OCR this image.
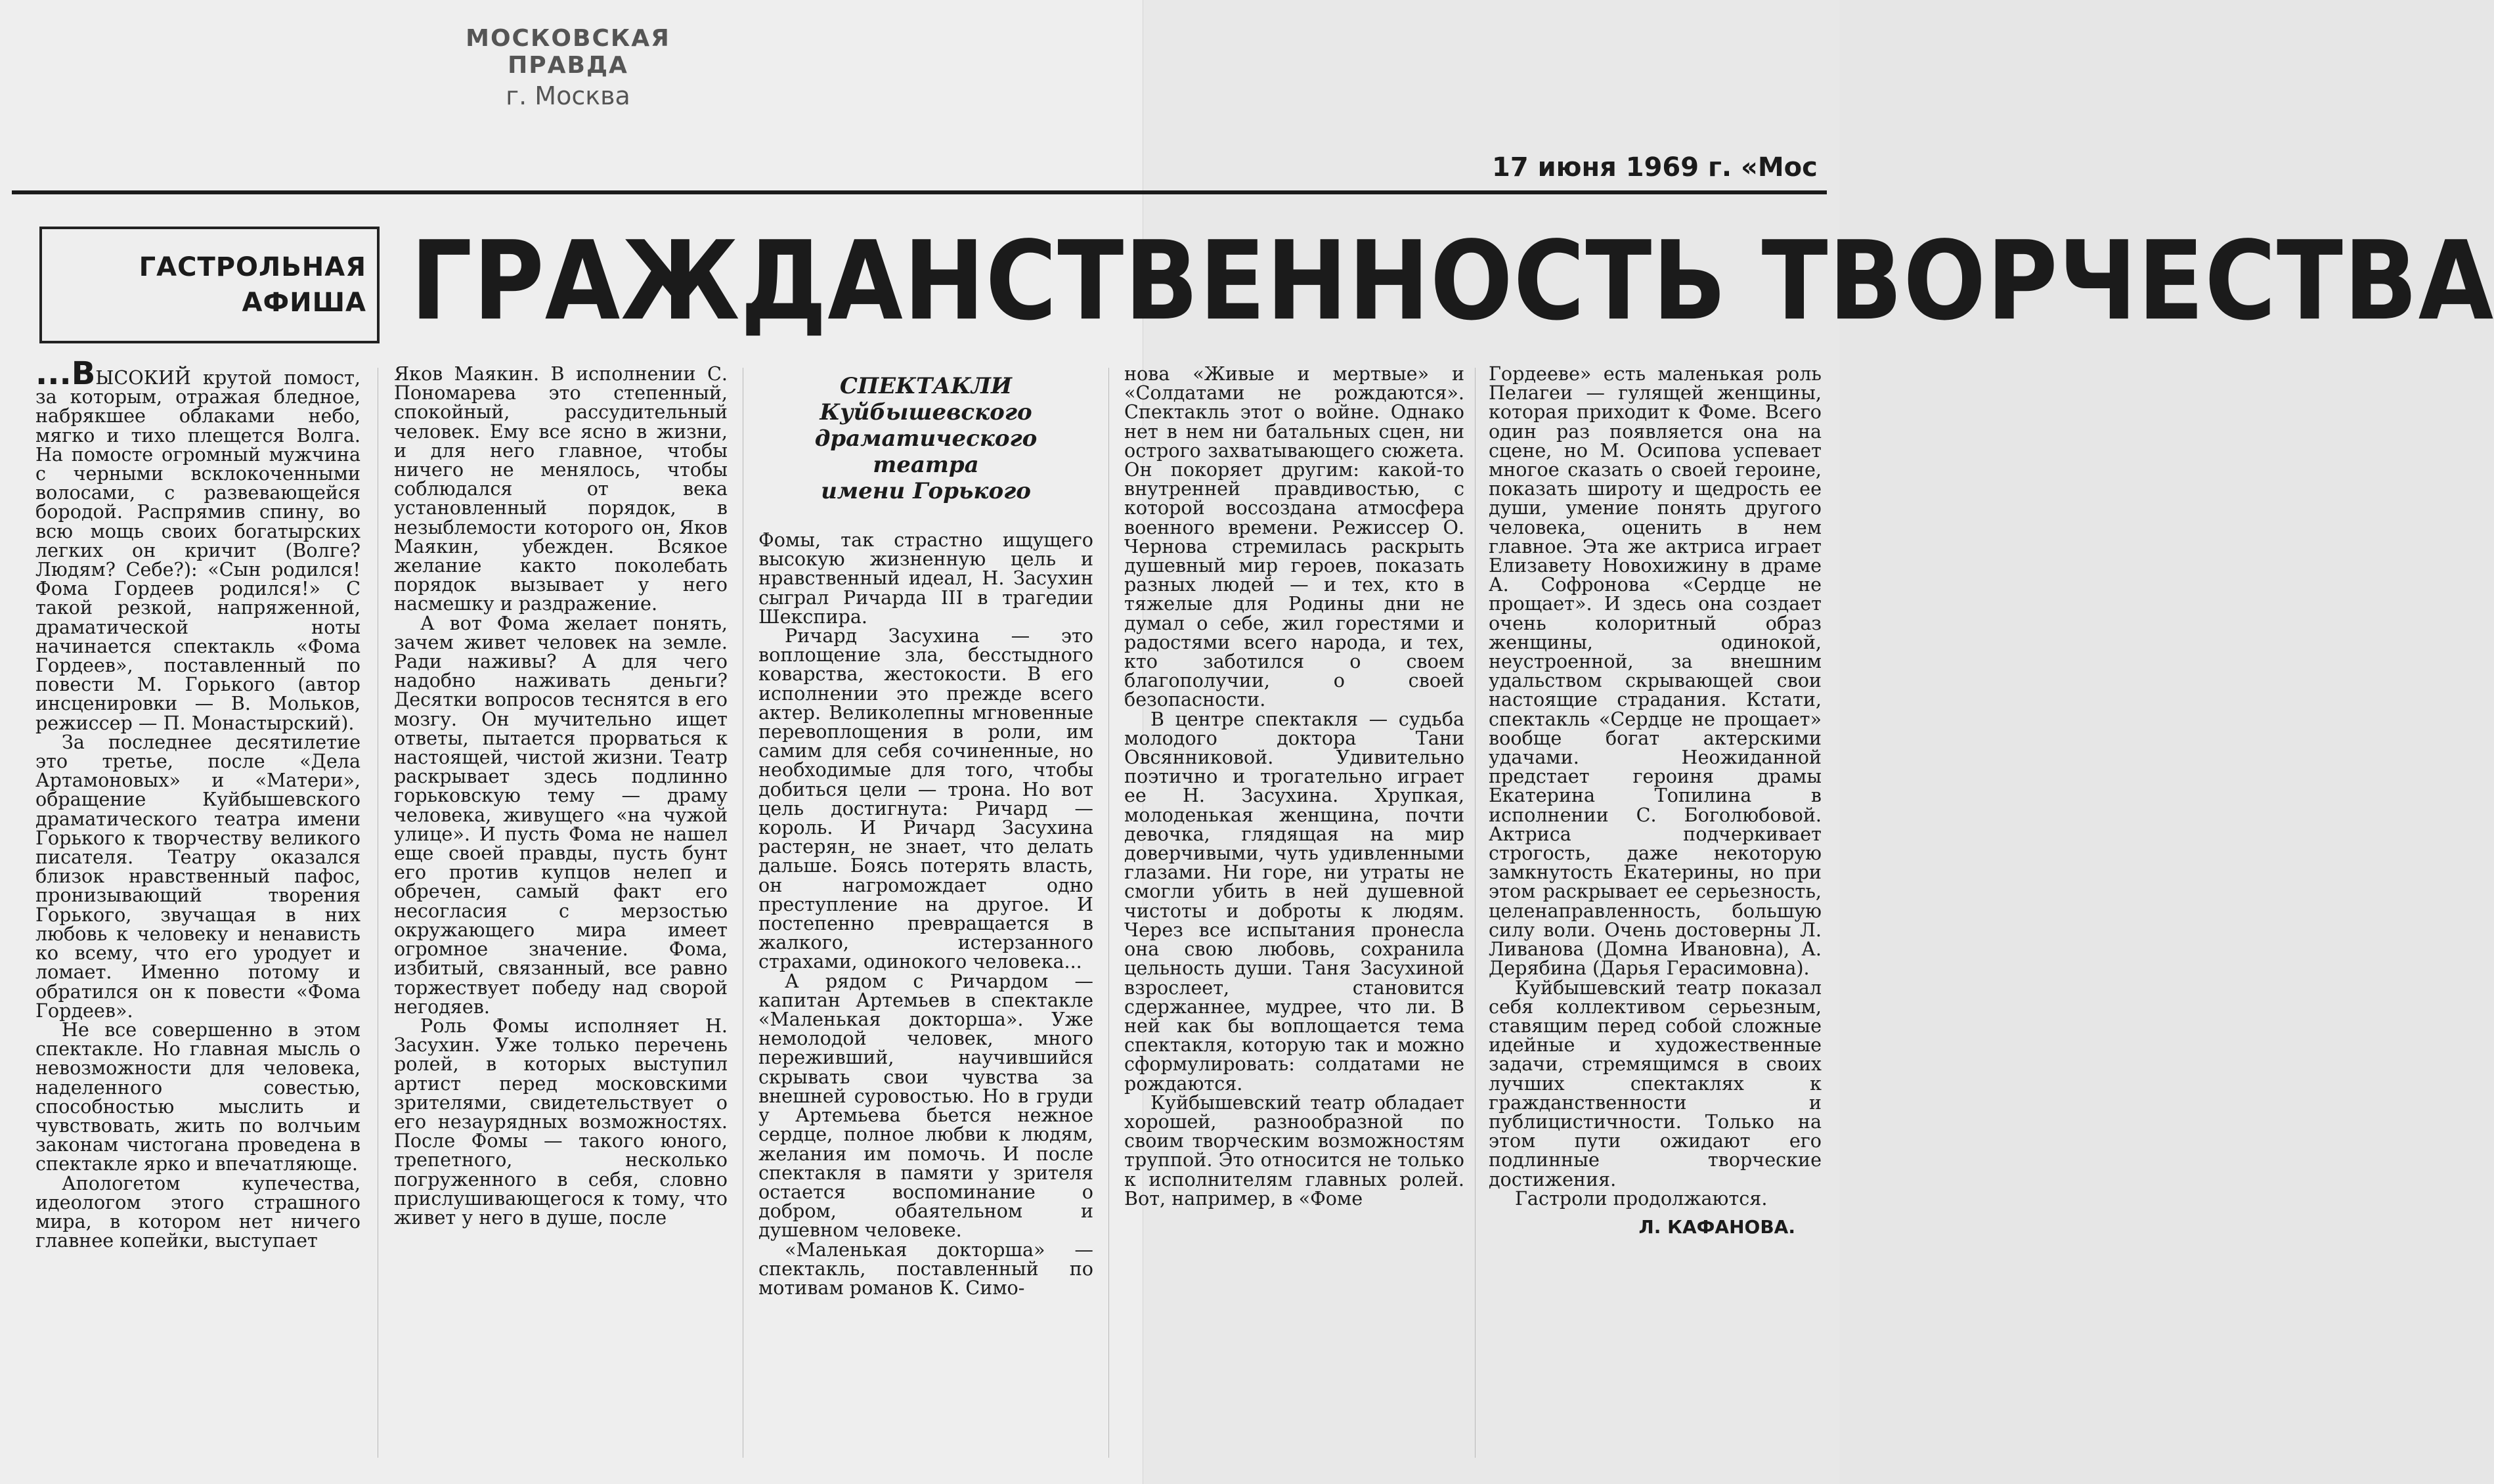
МОСКОВСКАЯ ПРАВДА
г. Москва
17 июня 1969 г. «Мос
ГАСТРОЛЬНАЯ
АФИША ГРАЖДАНСТВЕННОСТЬ ТВОРЧЕСТВА

...ВЫСОКИЙ крутой помост, за которым, отражая бледное, набрякшее облаками небо, мягко и тихо плещется Волга. На помосте огромный мужчина с черными всклокоченными волосами, с развевающейся бородой. Распрямив спину, во всю мощь своих богатырских легких он кричит (Волге? Людям? Себе?): «Сын родился! Фома Гордеев родился!» С такой резкой, напряженной, драматической ноты начинается спектакль «Фома Гордеев», поставленный по повести М. Горького (автор инсценировки — В. Мольков, режиссер — П. Монастырский).

За последнее десятилетие это третье, после «Дела Артамоновых» и «Матери», обращение Куйбышевского драматического театра имени Горького к творчеству великого писателя. Театру оказался близок нравственный пафос, пронизывающий творения Горького, звучащая в них любовь к человеку и ненависть ко всему, что его уродует и ломает. Именно потому и обратился он к повести «Фома Гордеев».

Не все совершенно в этом спектакле. Но главная мысль о невозможности для человека, наделенного совестью, способностью мыслить и чувствовать, жить по волчьим законам чистогана проведена в спектакле ярко и впечатляюще.

Апологетом купечества, идеологом этого страшного мира, в котором нет ничего главнее копейки, выступает

Яков Маякин. В исполнении С. Пономарева это степенный, спокойный, рассудительный человек. Ему все ясно в жизни, и для него главное, чтобы ничего не менялось, чтобы соблюдался от века установленный порядок, в незыблемости которого он, Яков Маякин, убежден. Всякое желание както поколебать порядок вызывает у него насмешку и раздражение.

А вот Фома желает понять, зачем живет человек на земле. Ради наживы? А для чего надобно наживать деньги? Десятки вопросов теснятся в его мозгу. Он мучительно ищет ответы, пытается прорваться к настоящей, чистой жизни. Театр раскрывает здесь подлинно горьковскую тему — драму человека, живущего «на чужой улице». И пусть Фома не нашел еще своей правды, пусть бунт его против купцов нелеп и обречен, самый факт его несогласия с мерзостью окружающего мира имеет огромное значение. Фома, избитый, связанный, все равно торжествует победу над сворой негодяев.

Роль Фомы исполняет Н. Засухин. Уже только перечень ролей, в которых выступил артист перед московскими зрителями, свидетельствует о его незаурядных возможностях. После Фомы — такого юного, трепетного, несколько погруженного в себя, словно прислушивающегося к тому, что живет у него в душе, после

СПЕКТАКЛИ

Куйбышевского

драматического театра

имени Горького

Фомы, так страстно ищущего высокую жизненную цель и нравственный идеал, Н. Засухин сыграл Ричарда III в трагедии Шекспира.

Ричард Засухина — это воплощение зла, бесстыдного коварства, жестокости. В его исполнении это прежде всего актер. Великолепны мгновенные перевоплощения в роли, им самим для себя сочиненные, но необходимые для того, чтобы добиться цели — трона. Но вот цель достигнута: Ричард — король. И Ричард Засухина растерян, не знает, что делать дальше. Боясь потерять власть, он нагромождает одно преступление на другое. И постепенно превращается в жалкого, истерзанного страхами, одинокого человека...

А рядом с Ричардом — капитан Артемьев в спектакле «Маленькая докторша». Уже немолодой человек, много переживший, научившийся скрывать свои чувства за внешней суровостью. Но в груди у Артемьева бьется нежное сердце, полное любви к людям, желания им помочь. И после спектакля в памяти у зрителя остается воспоминание о добром, обаятельном и душевном человеке.

«Маленькая докторша» — спектакль, поставленный по мотивам романов К. Симо-

нова «Живые и мертвые» и «Солдатами не рождаются». Спектакль этот о войне. Однако нет в нем ни батальных сцен, ни острого захватывающего сюжета. Он покоряет другим: какой-то внутренней правдивостью, с которой воссоздана атмосфера военного времени. Режиссер О. Чернова стремилась раскрыть душевный мир героев, показать разных людей — и тех, кто в тяжелые для Родины дни не думал о себе, жил горестями и радостями всего народа, и тех, кто заботился о своем благополучии, о своей безопасности.

В центре спектакля — судьба молодого доктора Тани Овсянниковой. Удивительно поэтично и трогательно играет ее Н. Засухина. Хрупкая, молоденькая женщина, почти девочка, глядящая на мир доверчивыми, чуть удивленными глазами. Ни горе, ни утраты не смогли убить в ней душевной чистоты и доброты к людям. Через все испытания пронесла она свою любовь, сохранила цельность души. Таня Засухиной взрослеет, становится сдержаннее, мудрее, что ли. В ней как бы воплощается тема спектакля, которую так и можно сформулировать: солдатами не рождаются.

Куйбышевский театр обладает хорошей, разнообразной по своим творческим возможностям труппой. Это относится не только к исполнителям главных ролей. Вот, например, в «Фоме

Гордееве» есть маленькая роль Пелагеи — гулящей женщины, которая приходит к Фоме. Всего один раз появляется она на сцене, но М. Осипова успевает многое сказать о своей героине, показать широту и щедрость ее души, умение понять другого человека, оценить в нем главное. Эта же актриса играет Елизавету Новохижину в драме А. Софронова «Сердце не прощает». И здесь она создает очень колоритный образ женщины, одинокой, неустроенной, за внешним удальством скрывающей свои настоящие страдания. Кстати, спектакль «Сердце не прощает» вообще богат актерскими удачами. Неожиданной предстает героиня драмы Екатерина Топилина в исполнении С. Боголюбовой. Актриса подчеркивает строгость, даже некоторую замкнутость Екатерины, но при этом раскрывает ее серьезность, целенаправленность, большую силу воли. Очень достоверны Л. Ливанова (Домна Ивановна), А. Дерябина (Дарья Герасимовна).

Куйбышевский театр показал себя коллективом серьезным, ставящим перед собой сложные идейные и художественные задачи, стремящимся в своих лучших спектаклях к гражданственности и публицистичности. Только на этом пути ожидают его подлинные творческие достижения.

Гастроли продолжаются.

Л. КАФАНОВА.
